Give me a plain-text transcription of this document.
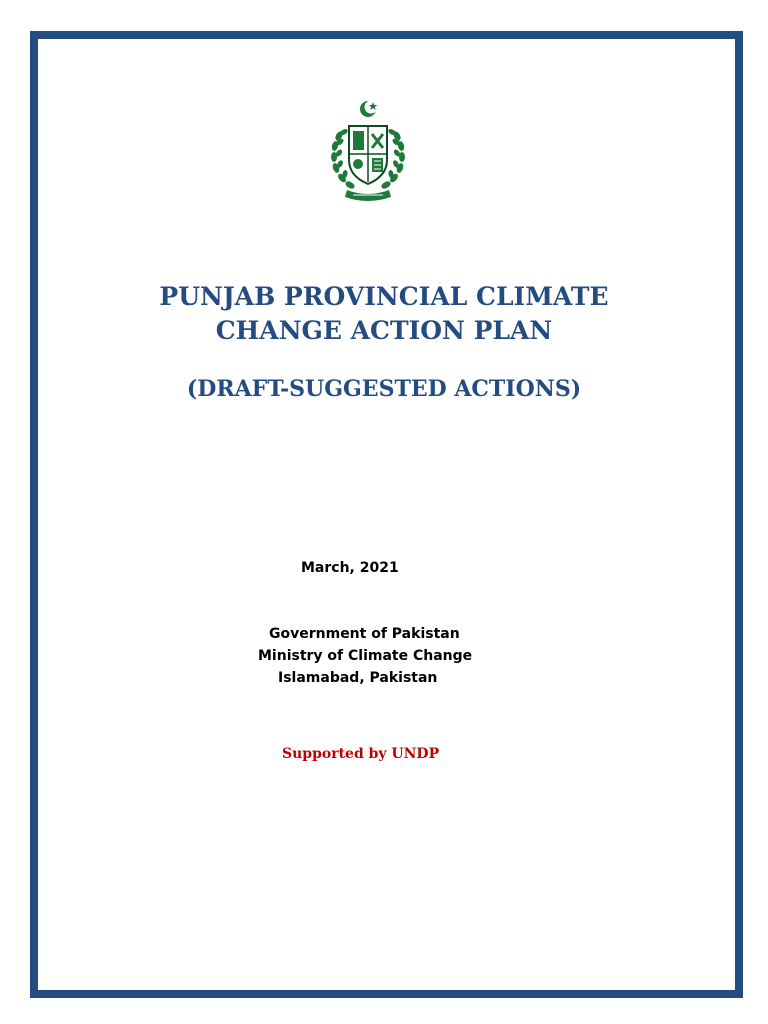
PUNJAB PROVINCIAL CLIMATE
CHANGE ACTION PLAN
(DRAFT-SUGGESTED ACTIONS)
March, 2021
Government of Pakistan
Ministry of Climate Change
Islamabad, Pakistan
Supported by UNDP
